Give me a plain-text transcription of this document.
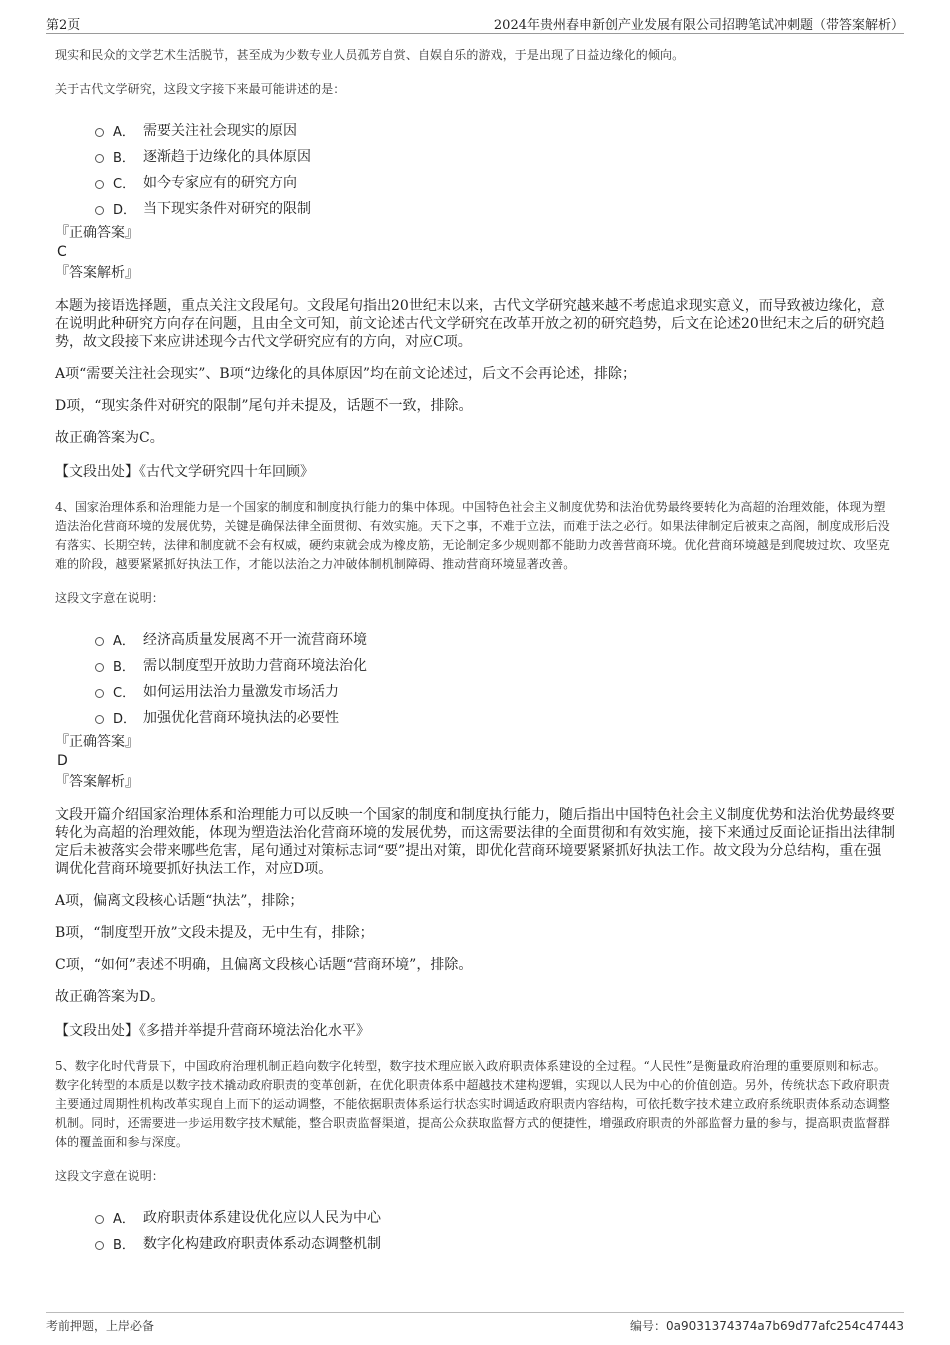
第2页	2024年贵州春申新创产业发展有限公司招聘笔试冲刺题（带答案解析）

现实和民众的文学艺术生活脱节，甚至成为少数专业人员孤芳自赏、自娱自乐的游戏，于是出现了日益边缘化的倾向。

关于古代文学研究，这段文字接下来最可能讲述的是：

A． 需要关注社会现实的原因
B． 逐渐趋于边缘化的具体原因
C． 如今专家应有的研究方向
D． 当下现实条件对研究的限制

『正确答案』

C

『答案解析』

本题为接语选择题，重点关注文段尾句。文段尾句指出20世纪末以来，古代文学研究越来越不考虑追求现实意义，而导致被边缘化，意在说明此种研究方向存在问题，且由全文可知，前文论述古代文学研究在改革开放之初的研究趋势，后文在论述20世纪末之后的研究趋势，故文段接下来应讲述现今古代文学研究应有的方向，对应C项。

A项“需要关注社会现实”、B项“边缘化的具体原因”均在前文论述过，后文不会再论述，排除；

D项，“现实条件对研究的限制”尾句并未提及，话题不一致，排除。

故正确答案为C。

【文段出处】《古代文学研究四十年回顾》

4、国家治理体系和治理能力是一个国家的制度和制度执行能力的集中体现。中国特色社会主义制度优势和法治优势最终要转化为高超的治理效能，体现为塑造法治化营商环境的发展优势，关键是确保法律全面贯彻、有效实施。天下之事，不难于立法，而难于法之必行。如果法律制定后被束之高阁，制度成形后没有落实、长期空转，法律和制度就不会有权威，硬约束就会成为橡皮筋，无论制定多少规则都不能助力改善营商环境。优化营商环境越是到爬坡过坎、攻坚克难的阶段，越要紧紧抓好执法工作，才能以法治之力冲破体制机制障碍、推动营商环境显著改善。

这段文字意在说明：

A． 经济高质量发展离不开一流营商环境
B． 需以制度型开放助力营商环境法治化
C． 如何运用法治力量激发市场活力
D． 加强优化营商环境执法的必要性

『正确答案』

D

『答案解析』

文段开篇介绍国家治理体系和治理能力可以反映一个国家的制度和制度执行能力，随后指出中国特色社会主义制度优势和法治优势最终要转化为高超的治理效能，体现为塑造法治化营商环境的发展优势，而这需要法律的全面贯彻和有效实施，接下来通过反面论证指出法律制定后未被落实会带来哪些危害，尾句通过对策标志词“要”提出对策，即优化营商环境要紧紧抓好执法工作。故文段为分总结构，重在强调优化营商环境要抓好执法工作，对应D项。

A项，偏离文段核心话题“执法”，排除；

B项，“制度型开放”文段未提及，无中生有，排除；

C项，“如何”表述不明确，且偏离文段核心话题“营商环境”，排除。

故正确答案为D。

【文段出处】《多措并举提升营商环境法治化水平》

5、数字化时代背景下，中国政府治理机制正趋向数字化转型，数字技术理应嵌入政府职责体系建设的全过程。“人民性”是衡量政府治理的重要原则和标志。数字化转型的本质是以数字技术撬动政府职责的变革创新，在优化职责体系中超越技术建构逻辑，实现以人民为中心的价值创造。另外，传统状态下政府职责主要通过周期性机构改革实现自上而下的运动调整，不能依据职责体系运行状态实时调适政府职责内容结构，可依托数字技术建立政府系统职责体系动态调整机制。同时，还需要进一步运用数字技术赋能，整合职责监督渠道，提高公众获取监督方式的便捷性，增强政府职责的外部监督力量的参与，提高职责监督群体的覆盖面和参与深度。

这段文字意在说明：

A． 政府职责体系建设优化应以人民为中心
B． 数字化构建政府职责体系动态调整机制
考前押题，上岸必备	编号：0a9031374374a7b69d77afc254c47443
